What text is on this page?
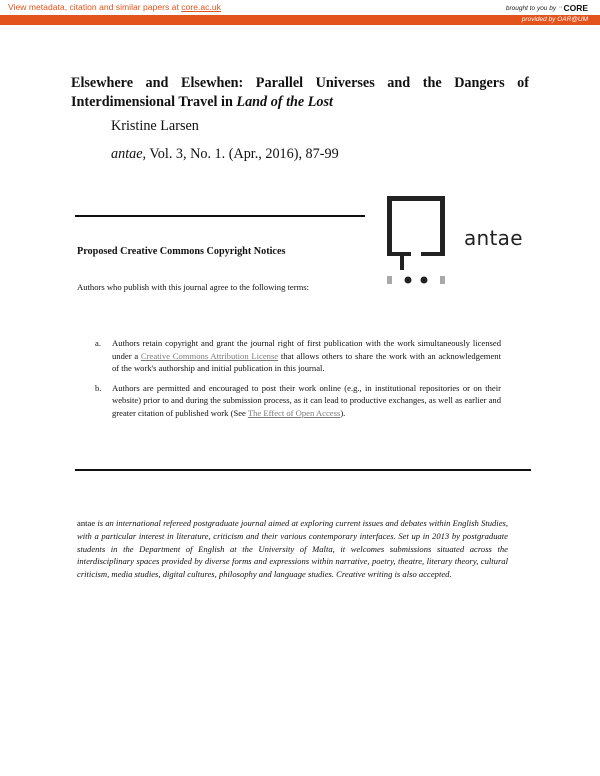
View metadata, citation and similar papers at core.ac.uk	brought to you by ·· CORE
provided by OAR@UM
Elsewhere and Elsewhen: Parallel Universes and the Dangers of
Interdimensional Travel in Land of the Lost

Kristine Larsen

antae, Vol. 3, No. 1. (Apr., 2016), 87-99

antae
Proposed Creative Commons Copyright Notices

Authors who publish with this journal agree to the following terms:

a. Authors retain copyright and grant the journal right of first publication with the work simultaneously licensed under a Creative Commons Attribution License that allows others to share the work with an acknowledgement of the work's authorship and initial publication in this journal.
b. Authors are permitted and encouraged to post their work online (e.g., in institutional repositories or on their website) prior to and during the submission process, as it can lead to productive exchanges, as well as earlier and greater citation of published work (See The Effect of Open Access).

antae is an international refereed postgraduate journal aimed at exploring current issues and debates within English Studies, with a particular interest in literature, criticism and their various contemporary interfaces. Set up in 2013 by postgraduate students in the Department of English at the University of Malta, it welcomes submissions situated across the interdisciplinary spaces provided by diverse forms and expressions within narrative, poetry, theatre, literary theory, cultural criticism, media studies, digital cultures, philosophy and language studies. Creative writing is also accepted.
